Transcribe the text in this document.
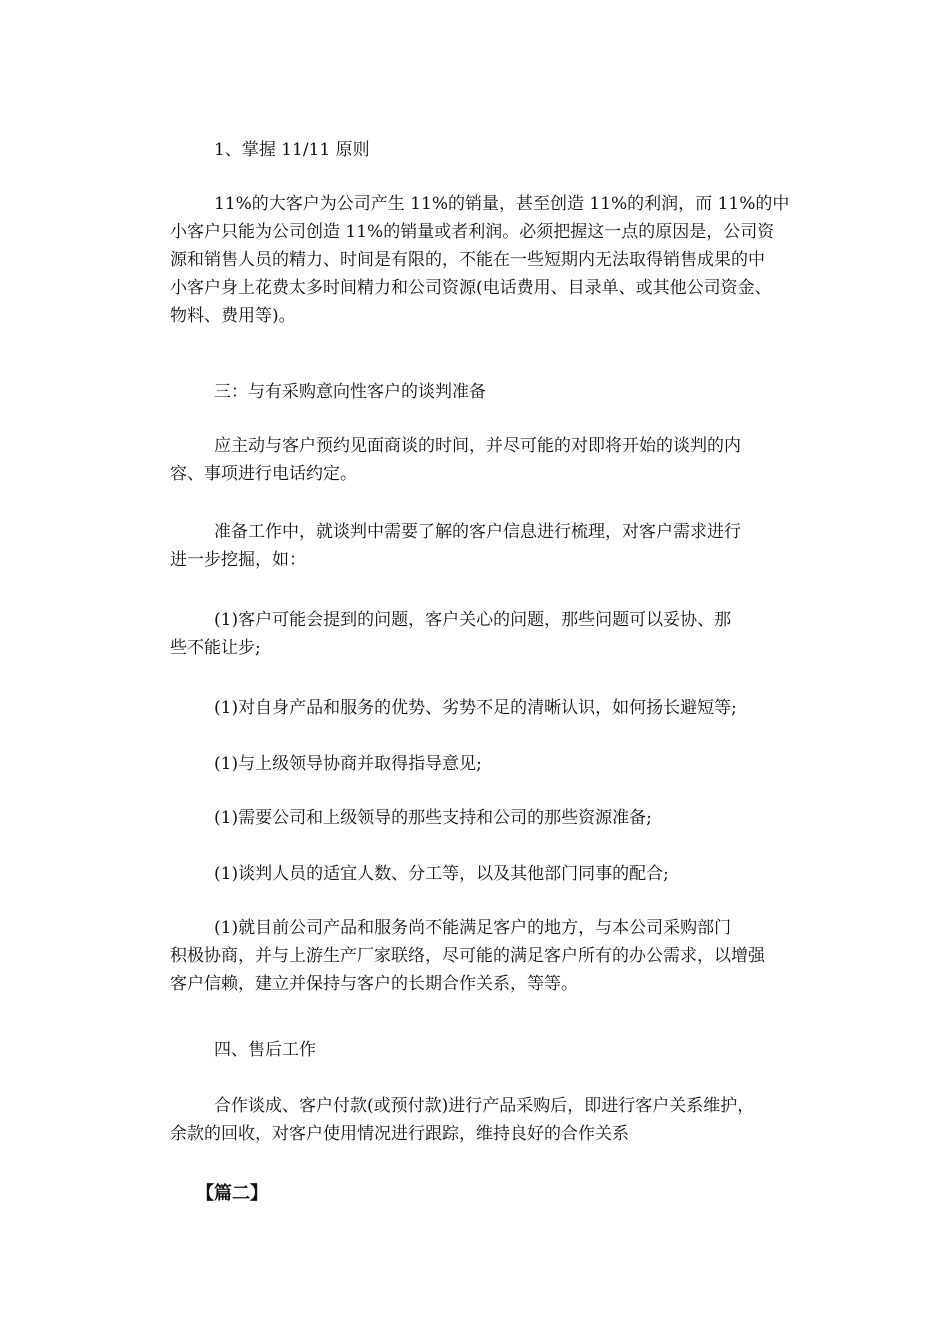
1、掌握 11/11 原则

11%的大客户为公司产生 11%的销量，甚至创造 11%的利润，而 11%的中
小客户只能为公司创造 11%的销量或者利润。必须把握这一点的原因是，公司资
源和销售人员的精力、时间是有限的，不能在一些短期内无法取得销售成果的中
小客户身上花费太多时间精力和公司资源(电话费用、目录单、或其他公司资金、
物料、费用等)。

三：与有采购意向性客户的谈判准备

应主动与客户预约见面商谈的时间，并尽可能的对即将开始的谈判的内
容、事项进行电话约定。

准备工作中，就谈判中需要了解的客户信息进行梳理，对客户需求进行
进一步挖掘，如：

(1)客户可能会提到的问题，客户关心的问题，那些问题可以妥协、那
些不能让步;

(1)对自身产品和服务的优势、劣势不足的清晰认识，如何扬长避短等;

(1)与上级领导协商并取得指导意见;

(1)需要公司和上级领导的那些支持和公司的那些资源准备;

(1)谈判人员的适宜人数、分工等，以及其他部门同事的配合;

(1)就目前公司产品和服务尚不能满足客户的地方，与本公司采购部门
积极协商，并与上游生产厂家联络，尽可能的满足客户所有的办公需求，以增强
客户信赖，建立并保持与客户的长期合作关系，等等。

四、售后工作

合作谈成、客户付款(或预付款)进行产品采购后，即进行客户关系维护，
余款的回收，对客户使用情况进行跟踪，维持良好的合作关系

【篇二】
